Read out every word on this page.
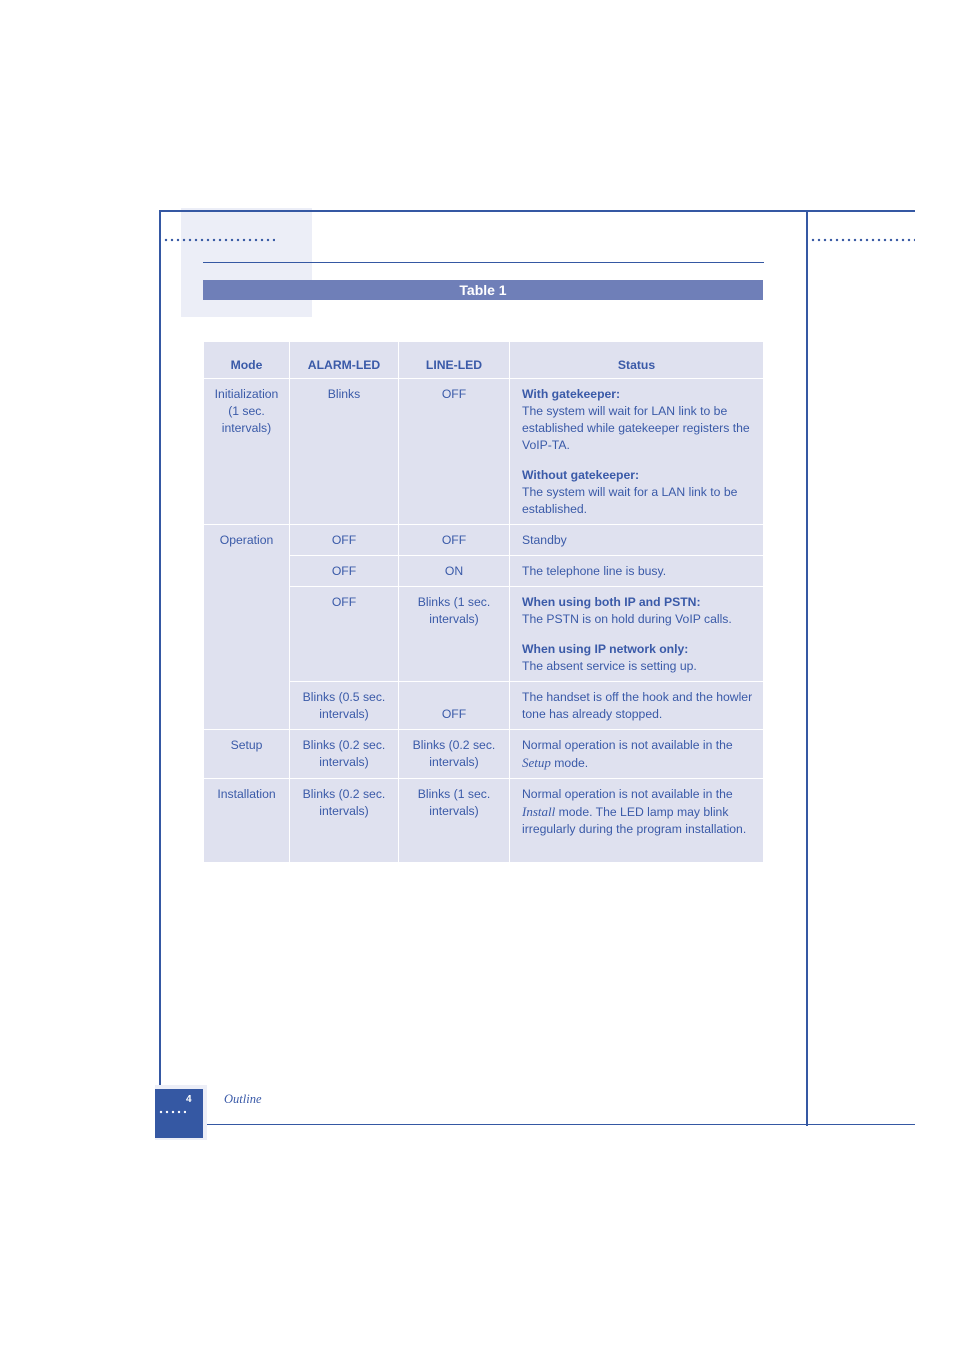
Table 1
Mode	ALARM-LED	LINE-LED	Status
Initialization (1 sec. intervals)	Blinks	OFF	With gatekeeper:
The system will wait for LAN link to be established while gatekeeper registers the VoIP-TA.
Without gatekeeper:
The system will wait for a LAN link to be established.

Operation	OFF	OFF	Standby
	OFF	ON	The telephone line is busy.
	OFF	Blinks (1 sec. intervals)	When using both IP and PSTN:
The PSTN is on hold during VoIP calls.
When using IP network only:
The absent service is setting up.

	Blinks (0.5 sec. intervals)	OFF	The handset is off the hook and the howler tone has already stopped.
Setup	Blinks (0.2 sec. intervals)	Blinks (0.2 sec. intervals)	Normal operation is not available in the Setup mode.
Installation	Blinks (0.2 sec. intervals)	Blinks (1 sec. intervals)	Normal operation is not available in the Install mode. The LED lamp may blink irregularly during the program installation.
4	Outline
